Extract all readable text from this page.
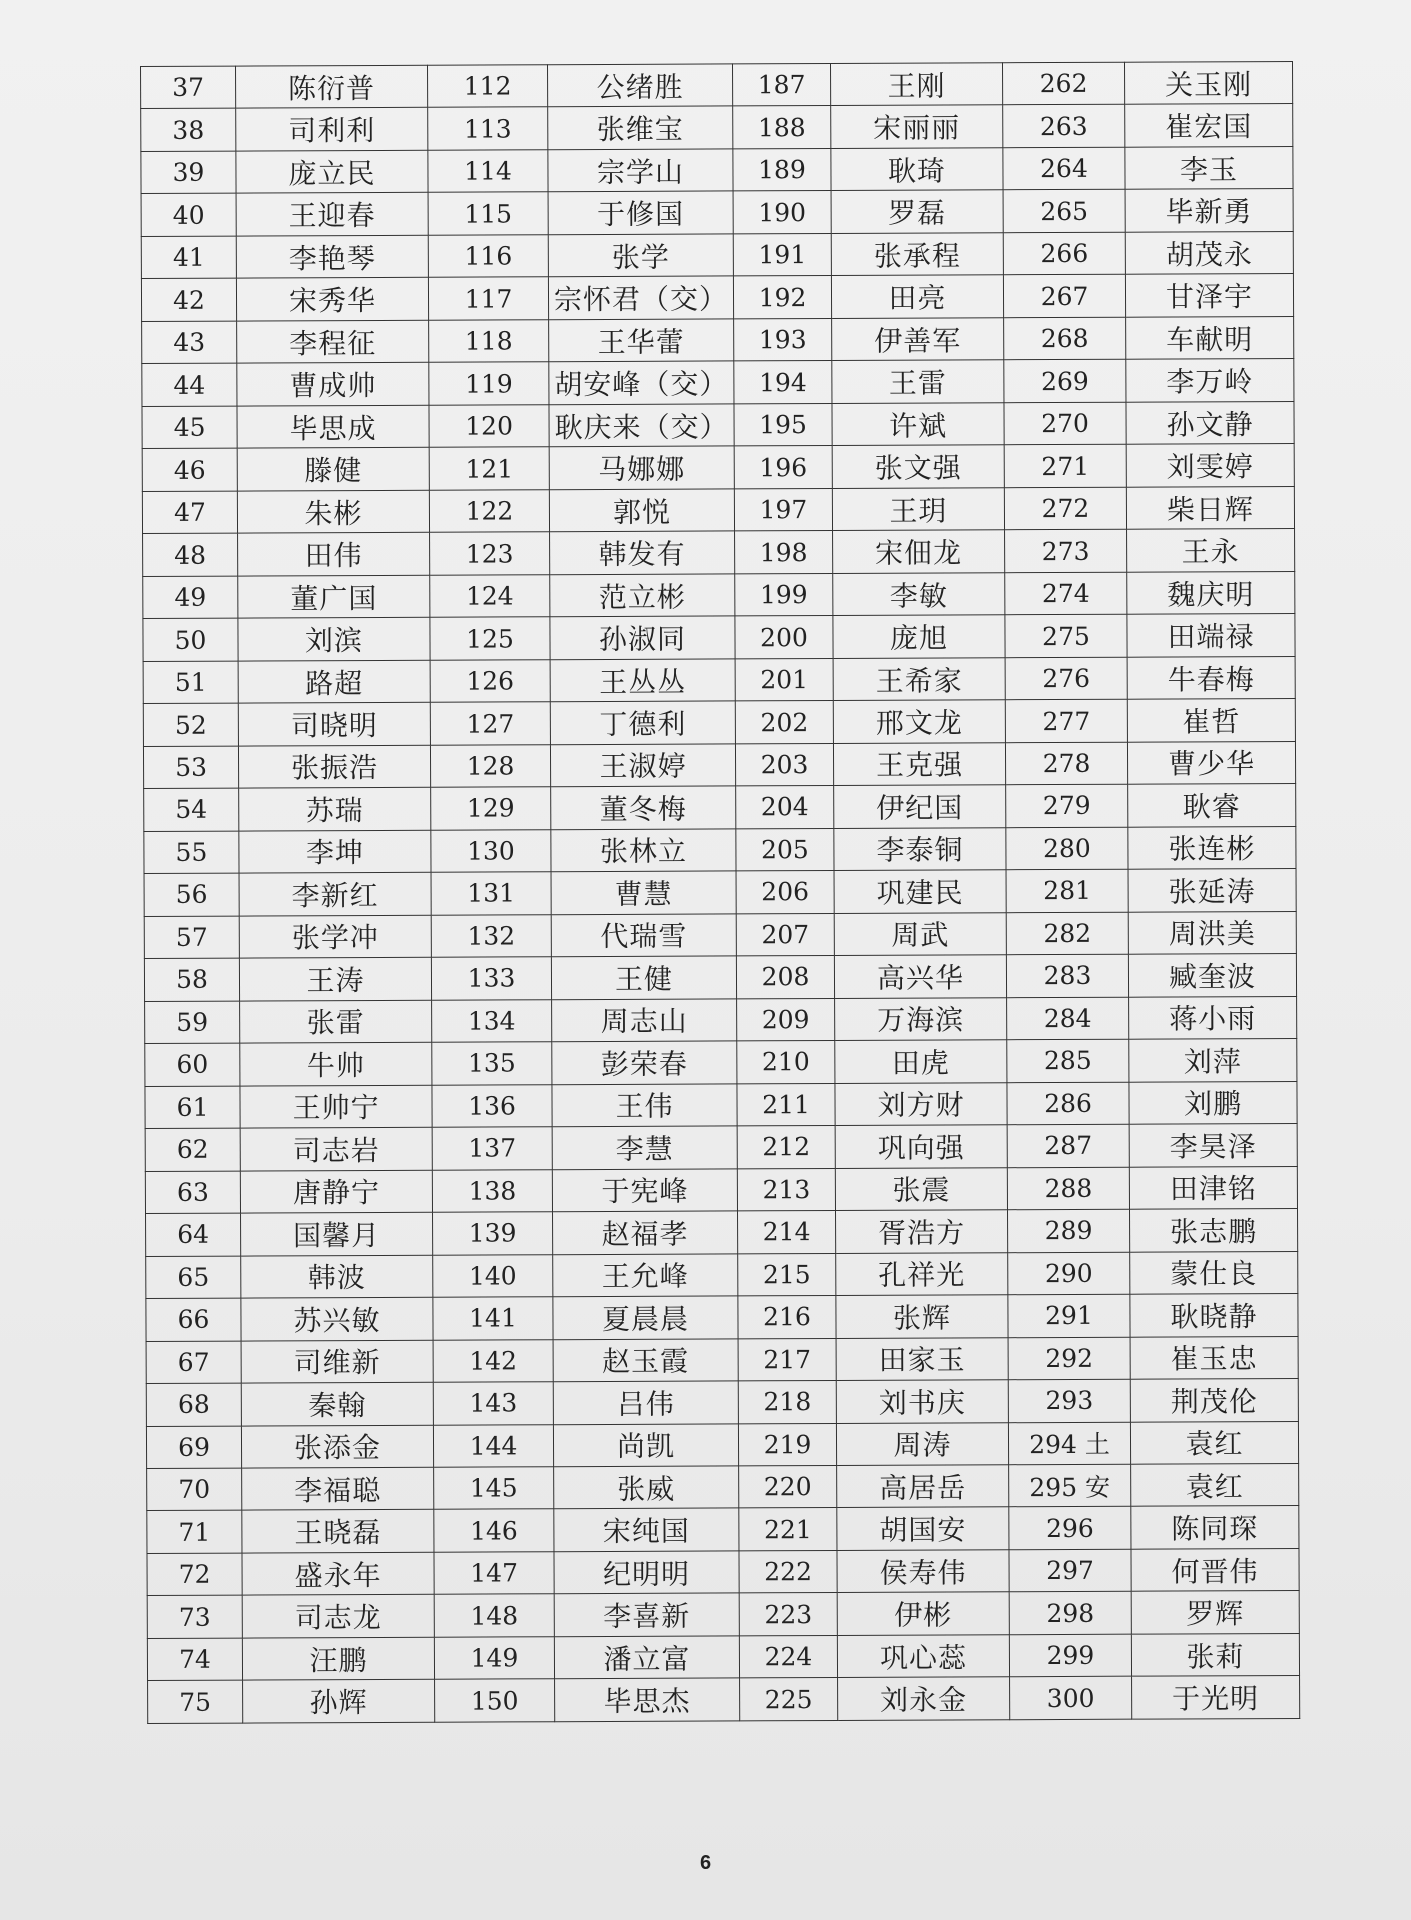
37	陈衍普	112	公绪胜	187	王刚	262	关玉刚
38	司利利	113	张维宝	188	宋丽丽	263	崔宏国
39	庞立民	114	宗学山	189	耿琦	264	李玉
40	王迎春	115	于修国	190	罗磊	265	毕新勇
41	李艳琴	116	张学	191	张承程	266	胡茂永
42	宋秀华	117	宗怀君（交）	192	田亮	267	甘泽宇
43	李程征	118	王华蕾	193	伊善军	268	车献明
44	曹成帅	119	胡安峰（交）	194	王雷	269	李万岭
45	毕思成	120	耿庆来（交）	195	许斌	270	孙文静
46	滕健	121	马娜娜	196	张文强	271	刘雯婷
47	朱彬	122	郭悦	197	王玥	272	柴日辉
48	田伟	123	韩发有	198	宋佃龙	273	王永
49	董广国	124	范立彬	199	李敏	274	魏庆明
50	刘滨	125	孙淑同	200	庞旭	275	田端禄
51	路超	126	王丛丛	201	王希家	276	牛春梅
52	司晓明	127	丁德利	202	邢文龙	277	崔哲
53	张振浩	128	王淑婷	203	王克强	278	曹少华
54	苏瑞	129	董冬梅	204	伊纪国	279	耿睿
55	李坤	130	张林立	205	李泰铜	280	张连彬
56	李新红	131	曹慧	206	巩建民	281	张延涛
57	张学冲	132	代瑞雪	207	周武	282	周洪美
58	王涛	133	王健	208	高兴华	283	臧奎波
59	张雷	134	周志山	209	万海滨	284	蒋小雨
60	牛帅	135	彭荣春	210	田虎	285	刘萍
61	王帅宁	136	王伟	211	刘方财	286	刘鹏
62	司志岩	137	李慧	212	巩向强	287	李昊泽
63	唐静宁	138	于宪峰	213	张震	288	田津铭
64	国馨月	139	赵福孝	214	胥浩方	289	张志鹏
65	韩波	140	王允峰	215	孔祥光	290	蒙仕良
66	苏兴敏	141	夏晨晨	216	张辉	291	耿晓静
67	司维新	142	赵玉霞	217	田家玉	292	崔玉忠
68	秦翰	143	吕伟	218	刘书庆	293	荆茂伦
69	张添金	144	尚凯	219	周涛	294 土	袁红
70	李福聪	145	张威	220	高居岳	295 安	袁红
71	王晓磊	146	宋纯国	221	胡国安	296	陈同琛
72	盛永年	147	纪明明	222	侯寿伟	297	何晋伟
73	司志龙	148	李喜新	223	伊彬	298	罗辉
74	汪鹏	149	潘立富	224	巩心蕊	299	张莉
75	孙辉	150	毕思杰	225	刘永金	300	于光明
6
